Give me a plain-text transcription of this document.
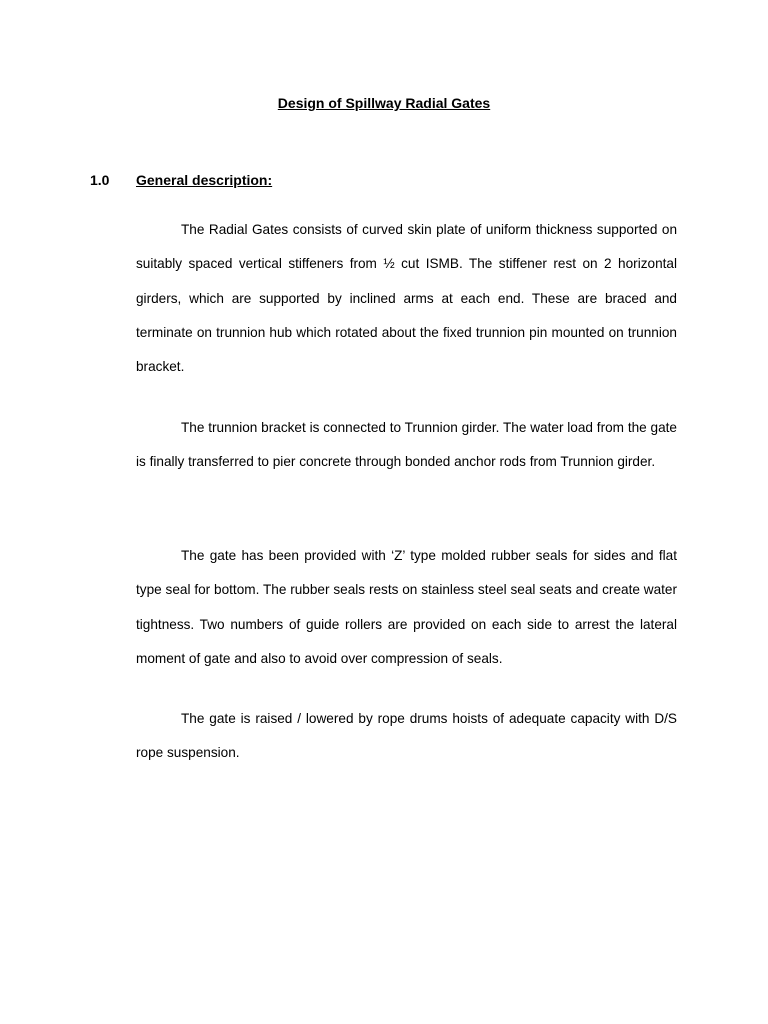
Design of Spillway Radial Gates
1.0 General description:

The Radial Gates consists of curved skin plate of uniform thickness supported on suitably spaced vertical stiffeners from ½ cut ISMB. The stiffener rest on 2 horizontal girders, which are supported by inclined arms at each end. These are braced and terminate on trunnion hub which rotated about the fixed trunnion pin mounted on trunnion bracket.

The trunnion bracket is connected to Trunnion girder. The water load from the gate is finally transferred to pier concrete through bonded anchor rods from Trunnion girder.

The gate has been provided with ‘Z’ type molded rubber seals for sides and flat type seal for bottom. The rubber seals rests on stainless steel seal seats and create water tightness. Two numbers of guide rollers are provided on each side to arrest the lateral moment of gate and also to avoid over compression of seals.

The gate is raised / lowered by rope drums hoists of adequate capacity with D/S rope suspension.
